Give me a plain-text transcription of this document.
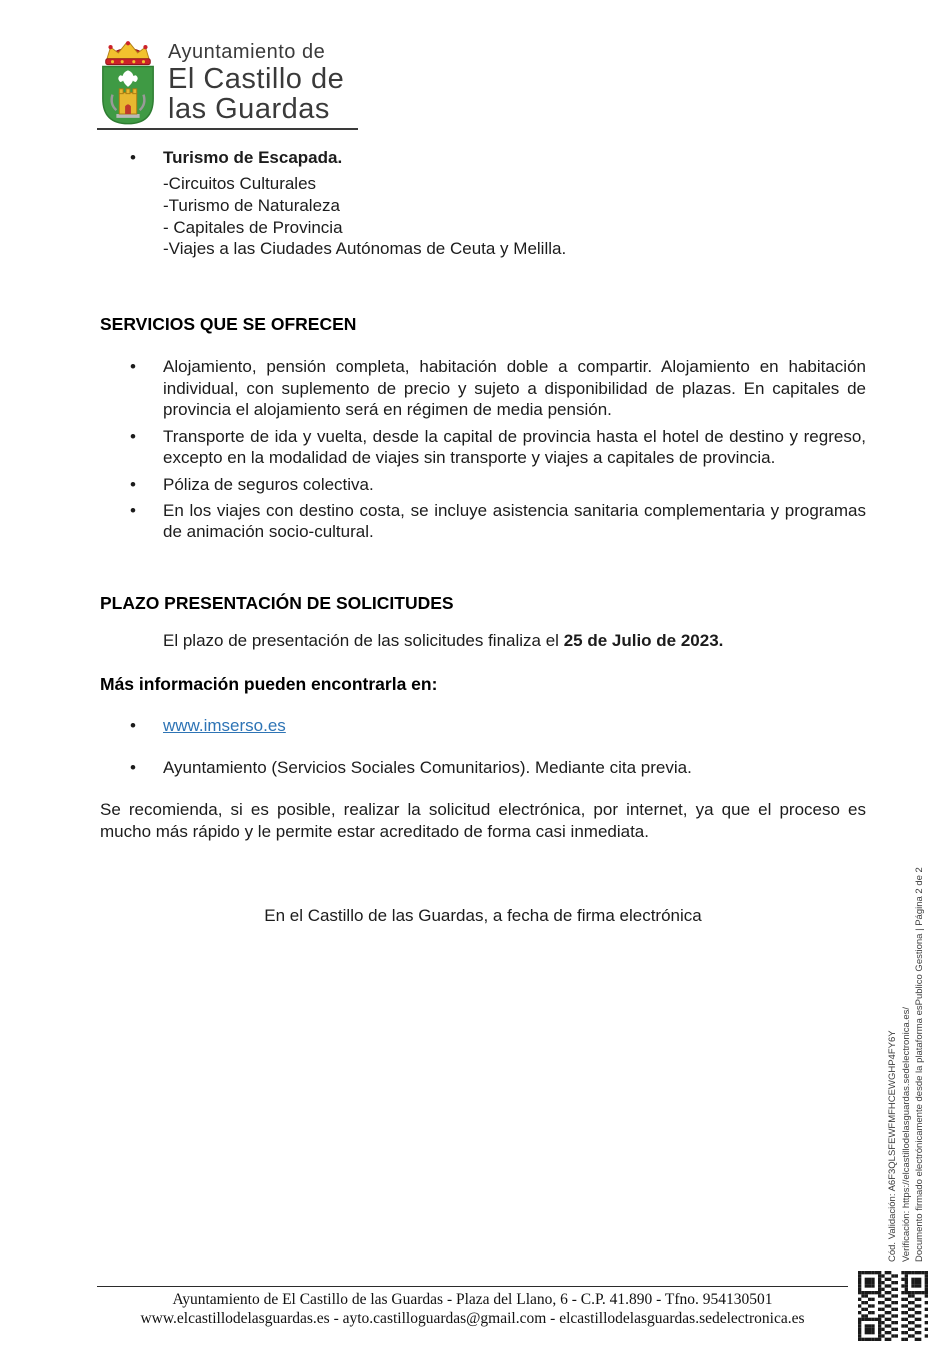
Ayuntamiento de
El Castillo de
las Guardas
•	Turismo de Escapada.
-Circuitos Culturales
-Turismo de Naturaleza
- Capitales de Provincia
-Viajes a las Ciudades Autónomas de Ceuta y Melilla.
SERVICIOS QUE SE OFRECEN
•	Alojamiento, pensión completa, habitación doble a compartir. Alojamiento en habitación individual, con suplemento de precio y sujeto a disponibilidad de plazas. En capitales de provincia el alojamiento será en régimen de media pensión.
•	Transporte de ida y vuelta, desde la capital de provincia hasta el hotel de destino y regreso, excepto en la modalidad de viajes sin transporte y viajes a capitales de provincia.
•	Póliza de seguros colectiva.
•	En los viajes con destino costa, se incluye asistencia sanitaria complementaria y programas de animación socio-cultural.
PLAZO PRESENTACIÓN DE SOLICITUDES

El plazo de presentación de las solicitudes finaliza el 25 de Julio de 2023.

Más información pueden encontrarla en:
•	www.imserso.es
•	Ayuntamiento (Servicios Sociales Comunitarios). Mediante cita previa.

Se recomienda, si es posible, realizar la solicitud electrónica, por internet, ya que el proceso es mucho más rápido y le permite estar acreditado de forma casi inmediata.

En el Castillo de las Guardas, a fecha de firma electrónica

Cód. Validación: A6F3QLSFEWFMFHCEWGHP4FY6Y Verificación: https://elcastillodelasguardas.sedelectronica.es/ Documento firmado electrónicamente desde la plataforma esPublico Gestiona | Página 2 de 2
Ayuntamiento de El Castillo de las Guardas - Plaza del Llano, 6 - C.P. 41.890 - Tfno. 954130501
www.elcastillodelasguardas.es - ayto.castilloguardas@gmail.com - elcastillodelasguardas.sedelectronica.es
